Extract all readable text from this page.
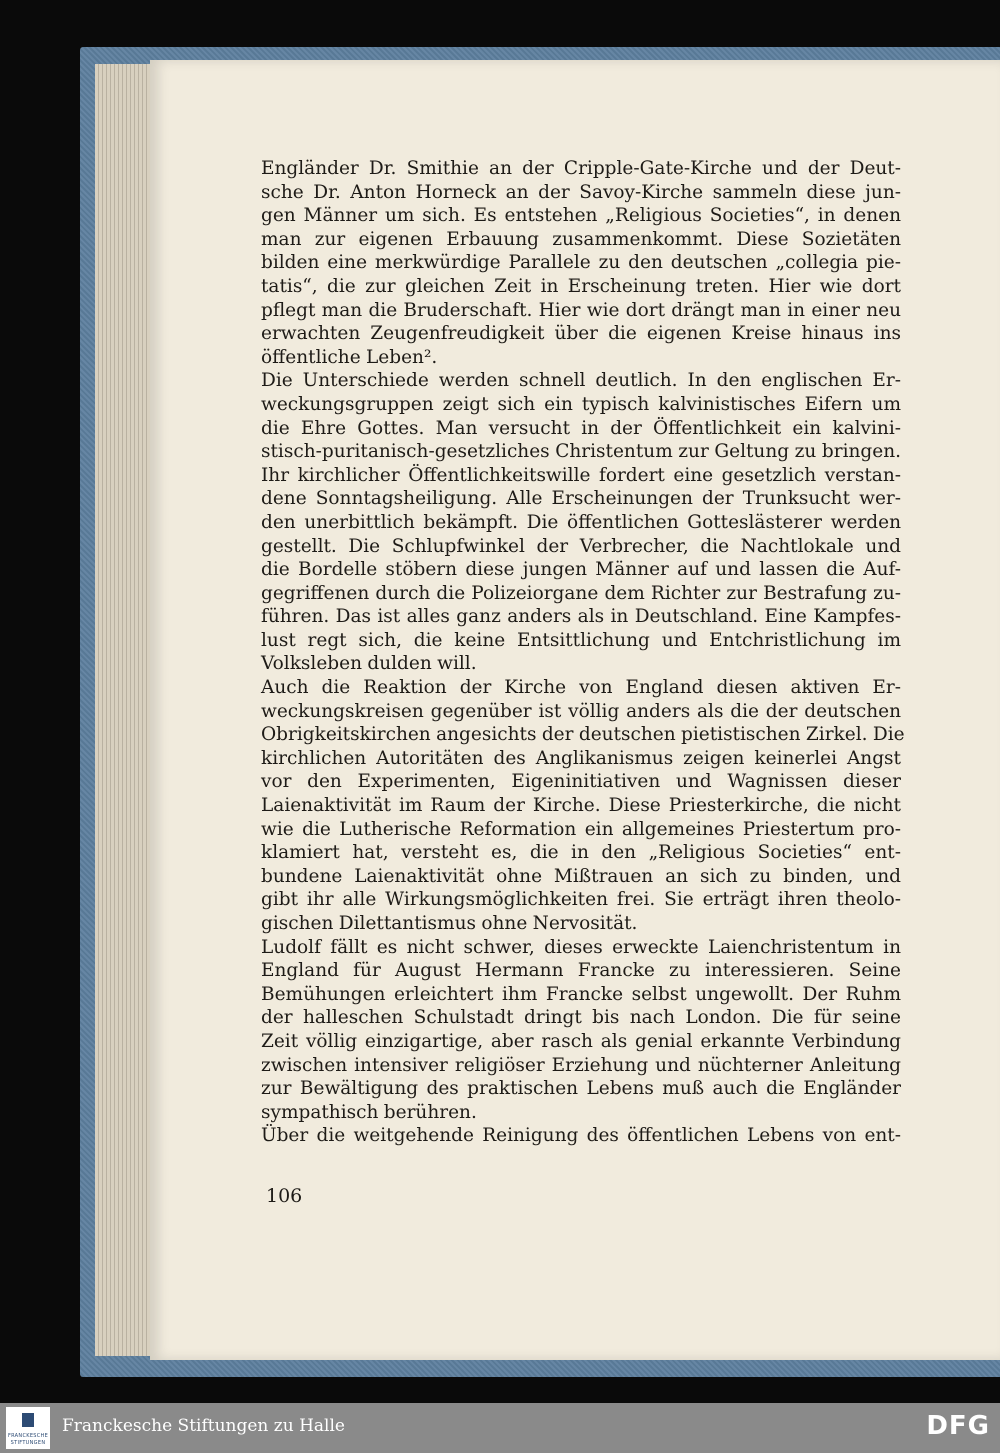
Engländer Dr. Smithie an der Cripple-Gate-Kirche und der Deut-
sche Dr. Anton Horneck an der Savoy-Kirche sammeln diese jun-
gen Männer um sich. Es entstehen „Religious Societies“, in denen
man zur eigenen Erbauung zusammenkommt. Diese Sozietäten
bilden eine merkwürdige Parallele zu den deutschen „collegia pie-
tatis“, die zur gleichen Zeit in Erscheinung treten. Hier wie dort
pflegt man die Bruderschaft. Hier wie dort drängt man in einer neu
erwachten Zeugenfreudigkeit über die eigenen Kreise hinaus ins
öffentliche Leben².
Die Unterschiede werden schnell deutlich. In den englischen Er-
weckungsgruppen zeigt sich ein typisch kalvinistisches Eifern um
die Ehre Gottes. Man versucht in der Öffentlichkeit ein kalvini-
stisch-puritanisch-gesetzliches Christentum zur Geltung zu bringen.
Ihr kirchlicher Öffentlichkeitswille fordert eine gesetzlich verstan-
dene Sonntagsheiligung. Alle Erscheinungen der Trunksucht wer-
den unerbittlich bekämpft. Die öffentlichen Gotteslästerer werden
gestellt. Die Schlupfwinkel der Verbrecher, die Nachtlokale und
die Bordelle stöbern diese jungen Männer auf und lassen die Auf-
gegriffenen durch die Polizeiorgane dem Richter zur Bestrafung zu-
führen. Das ist alles ganz anders als in Deutschland. Eine Kampfes-
lust regt sich, die keine Entsittlichung und Entchristlichung im
Volksleben dulden will.
Auch die Reaktion der Kirche von England diesen aktiven Er-
weckungskreisen gegenüber ist völlig anders als die der deutschen
Obrigkeitskirchen angesichts der deutschen pietistischen Zirkel. Die
kirchlichen Autoritäten des Anglikanismus zeigen keinerlei Angst
vor den Experimenten, Eigeninitiativen und Wagnissen dieser
Laienaktivität im Raum der Kirche. Diese Priesterkirche, die nicht
wie die Lutherische Reformation ein allgemeines Priestertum pro-
klamiert hat, versteht es, die in den „Religious Societies“ ent-
bundene Laienaktivität ohne Mißtrauen an sich zu binden, und
gibt ihr alle Wirkungsmöglichkeiten frei. Sie erträgt ihren theolo-
gischen Dilettantismus ohne Nervosität.
Ludolf fällt es nicht schwer, dieses erweckte Laienchristentum in
England für August Hermann Francke zu interessieren. Seine
Bemühungen erleichtert ihm Francke selbst ungewollt. Der Ruhm
der halleschen Schulstadt dringt bis nach London. Die für seine
Zeit völlig einzigartige, aber rasch als genial erkannte Verbindung
zwischen intensiver religiöser Erziehung und nüchterner Anleitung
zur Bewältigung des praktischen Lebens muß auch die Engländer
sympathisch berühren.
Über die weitgehende Reinigung des öffentlichen Lebens von ent-
106
FRANCKESCHE
STIFTUNGEN
Franckesche Stiftungen zu Halle	DFG
